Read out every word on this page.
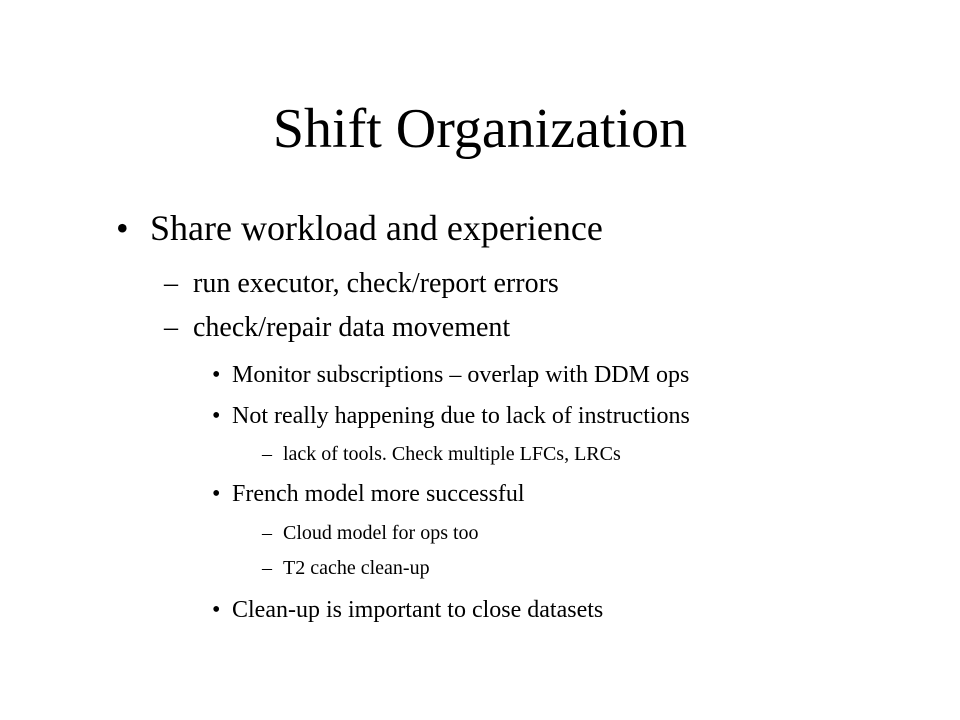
Shift Organization
• Share workload and experience
– run executor, check/report errors
– check/repair data movement
• Monitor subscriptions – overlap with DDM ops
• Not really happening due to lack of instructions
– lack of tools. Check multiple LFCs, LRCs
• French model more successful
– Cloud model for ops too
– T2 cache clean-up
• Clean-up is important to close datasets
